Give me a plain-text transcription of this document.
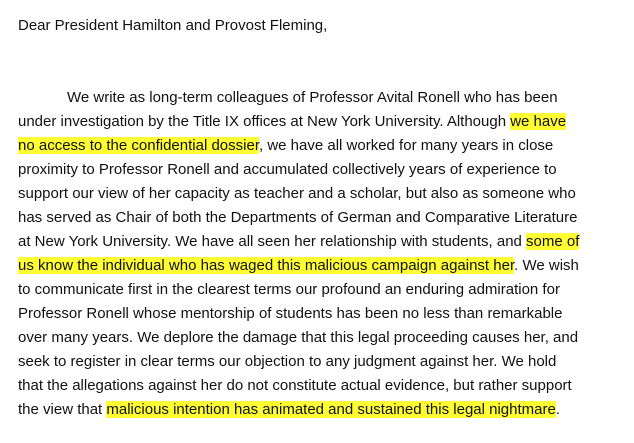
Dear President Hamilton and Provost Fleming,

We write as long-term colleagues of Professor Avital Ronell who has been
under investigation by the Title IX offices at New York University. Although we have
no access to the confidential dossier, we have all worked for many years in close
proximity to Professor Ronell and accumulated collectively years of experience to
support our view of her capacity as teacher and a scholar, but also as someone who
has served as Chair of both the Departments of German and Comparative Literature
at New York University. We have all seen her relationship with students, and some of
us know the individual who has waged this malicious campaign against her. We wish
to communicate first in the clearest terms our profound an enduring admiration for
Professor Ronell whose mentorship of students has been no less than remarkable
over many years. We deplore the damage that this legal proceeding causes her, and
seek to register in clear terms our objection to any judgment against her. We hold
that the allegations against her do not constitute actual evidence, but rather support
the view that malicious intention has animated and sustained this legal nightmare.
